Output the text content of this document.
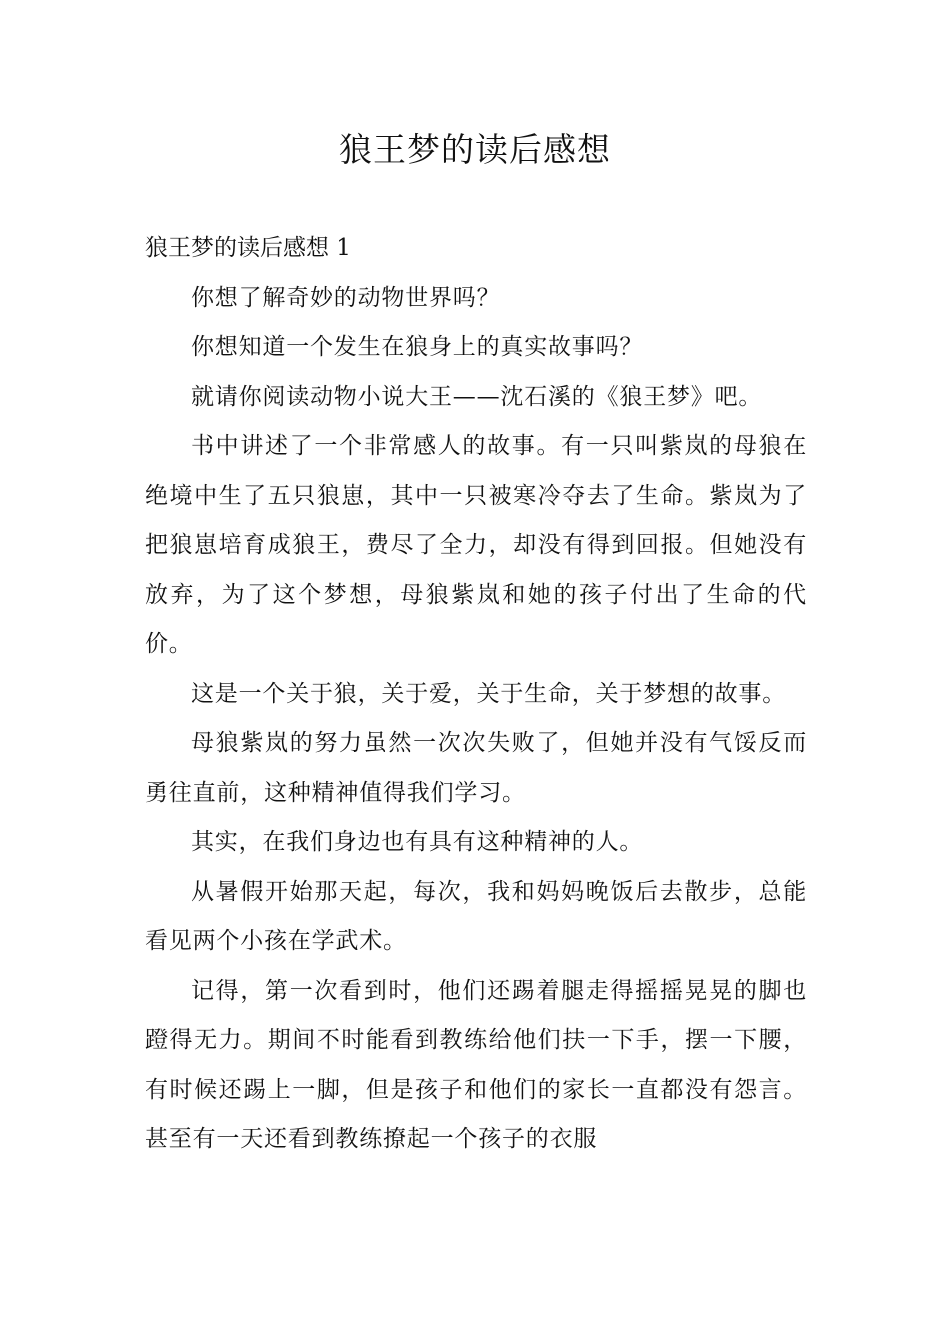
狼王梦的读后感想

狼王梦的读后感想 1

你想了解奇妙的动物世界吗？

你想知道一个发生在狼身上的真实故事吗？

就请你阅读动物小说大王——沈石溪的《狼王梦》吧。

书中讲述了一个非常感人的故事。有一只叫紫岚的母狼在绝境中生了五只狼崽，其中一只被寒冷夺去了生命。紫岚为了把狼崽培育成狼王，费尽了全力，却没有得到回报。但她没有放弃，为了这个梦想，母狼紫岚和她的孩子付出了生命的代价。

这是一个关于狼，关于爱，关于生命，关于梦想的故事。

母狼紫岚的努力虽然一次次失败了，但她并没有气馁反而勇往直前，这种精神值得我们学习。

其实，在我们身边也有具有这种精神的人。

从暑假开始那天起，每次，我和妈妈晚饭后去散步，总能看见两个小孩在学武术。

记得，第一次看到时，他们还踢着腿走得摇摇晃晃的脚也蹬得无力。期间不时能看到教练给他们扶一下手，摆一下腰，有时候还踢上一脚，但是孩子和他们的家长一直都没有怨言。甚至有一天还看到教练撩起一个孩子的衣服
